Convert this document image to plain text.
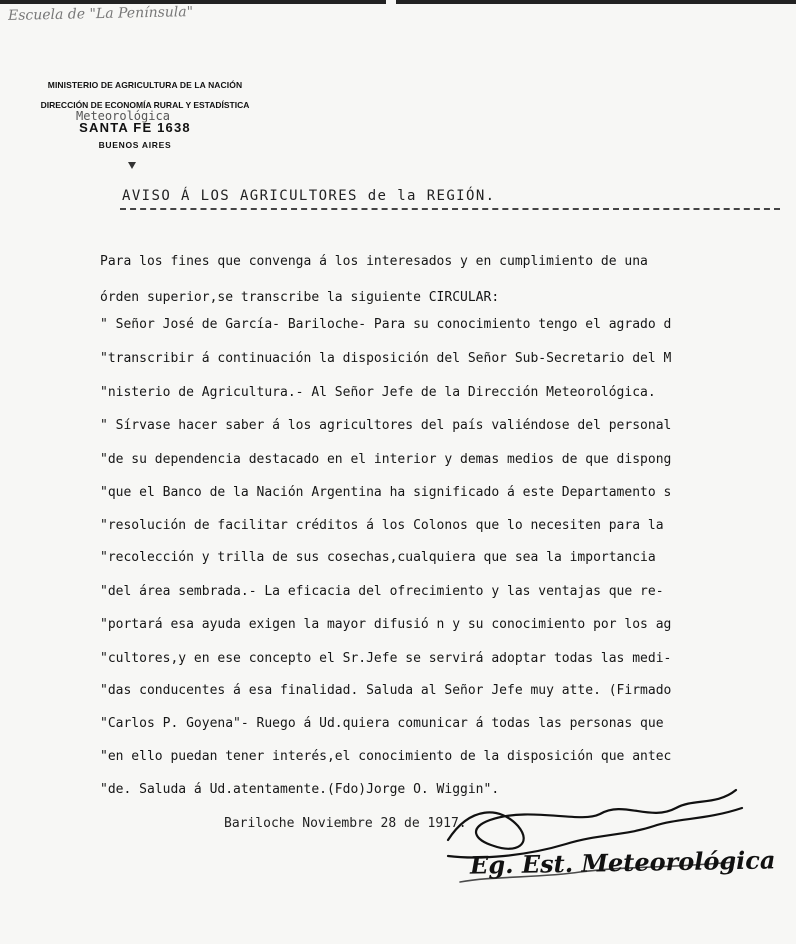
Escuela de "La Península"
MINISTERIO DE AGRICULTURA DE LA NACIÓN
DIRECCIÓN DE ECONOMÍA RURAL Y ESTADÍSTICA
Meteorológica
SANTA FE 1638
BUENOS AIRES
AVISO Á LOS AGRICULTORES de la REGIÓN.
Para los fines que convenga á los interesados y en cumplimiento de una
órden superior,se transcribe la siguiente CIRCULAR:
" Señor José de García- Bariloche- Para su conocimiento tengo el agrado d
"transcribir á continuación la disposición del Señor Sub-Secretario del M
"nisterio de Agricultura.- Al Señor Jefe de la Dirección Meteorológica.
" Sírvase hacer saber á los agricultores del país valiéndose del personal
"de su dependencia destacado en el interior y demas medios de que dispong
"que el Banco de la Nación Argentina ha significado á este Departamento s
"resolución de facilitar créditos á los Colonos que lo necesiten para la
"recolección y trilla de sus cosechas,cualquiera que sea la importancia
"del área sembrada.- La eficacia del ofrecimiento y las ventajas que re-
"portará esa ayuda exigen la mayor difusió n y su conocimiento por los ag
"cultores,y en ese concepto el Sr.Jefe se servirá adoptar todas las medi-
"das conducentes á esa finalidad. Saluda al Señor Jefe muy atte. (Firmado
"Carlos P. Goyena"- Ruego á Ud.quiera comunicar á todas las personas que
"en ello puedan tener interés,el conocimiento de la disposición que antec
"de. Saluda á Ud.atentamente.(Fdo)Jorge O. Wiggin".
Bariloche Noviembre 28 de 1917.
Eg. Est. Meteorológica
